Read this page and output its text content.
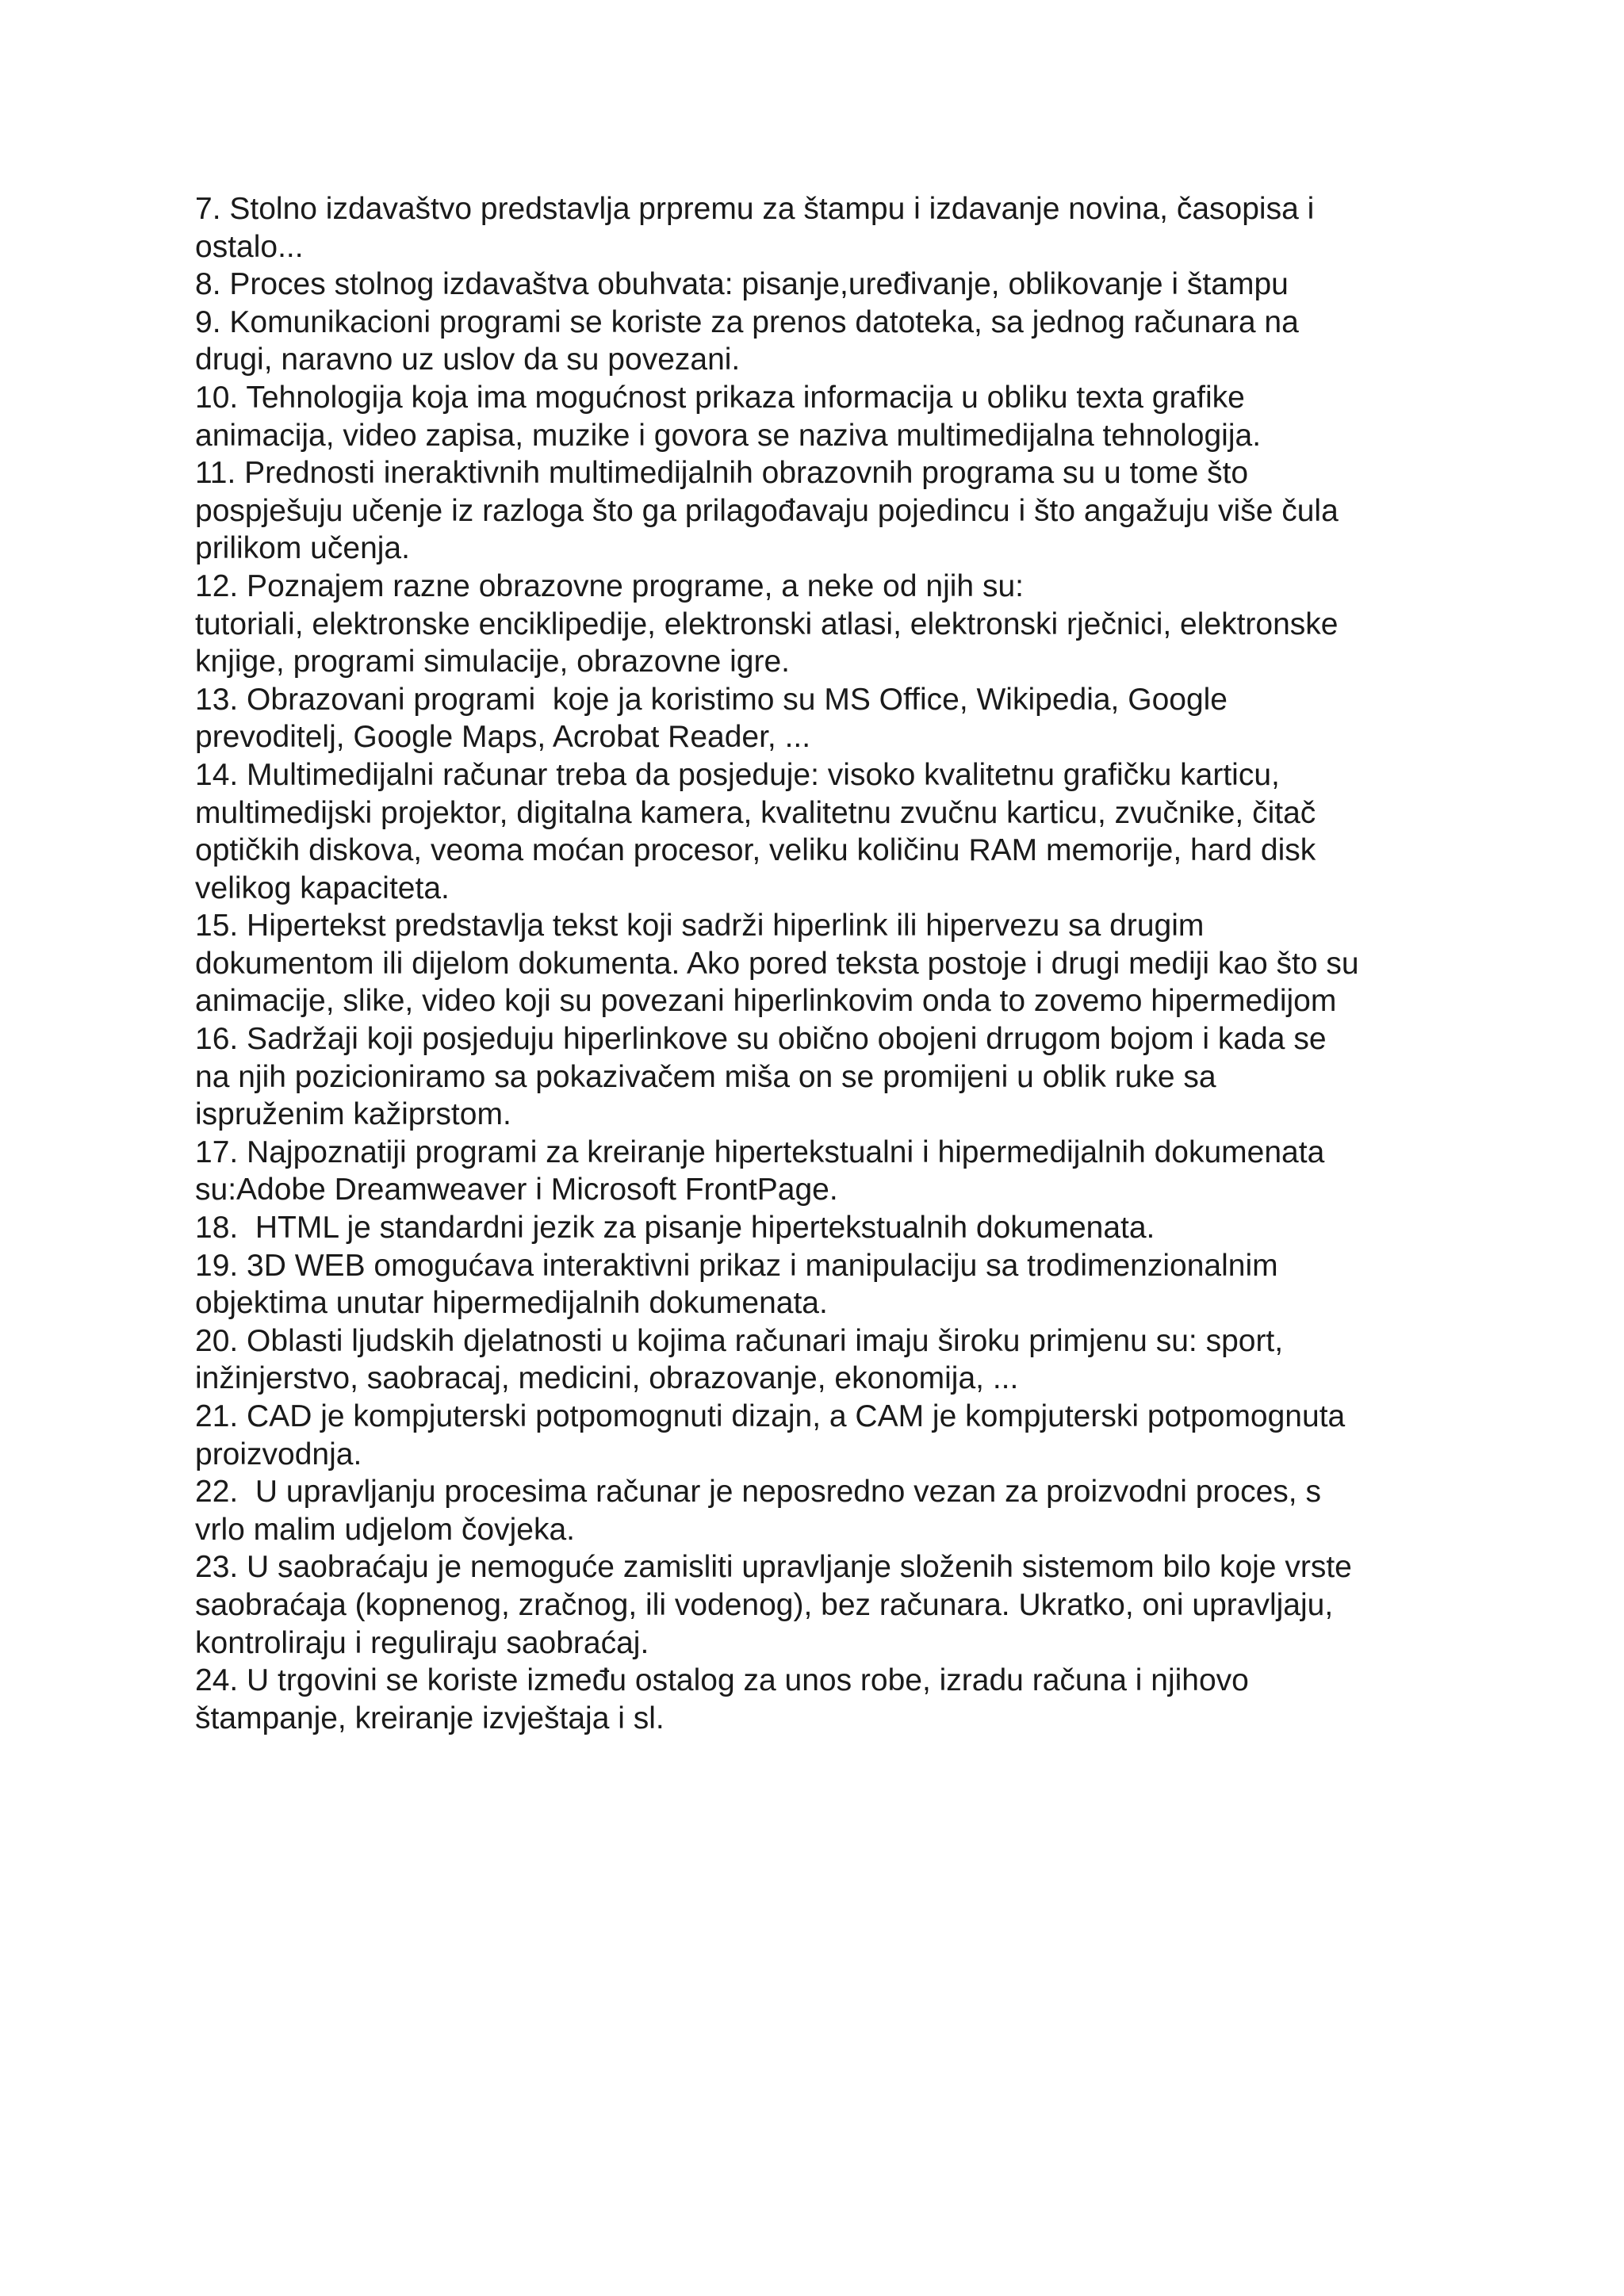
7. Stolno izdavaštvo predstavlja prpremu za štampu i izdavanje novina, časopisa i
ostalo...
8. Proces stolnog izdavaštva obuhvata: pisanje,uređivanje, oblikovanje i štampu
9. Komunikacioni programi se koriste za prenos datoteka, sa jednog računara na
drugi, naravno uz uslov da su povezani.
10. Tehnologija koja ima mogućnost prikaza informacija u obliku texta grafike
animacija, video zapisa, muzike i govora se naziva multimedijalna tehnologija.
11. Prednosti ineraktivnih multimedijalnih obrazovnih programa su u tome što
pospješuju učenje iz razloga što ga prilagođavaju pojedincu i što angažuju više čula
prilikom učenja.
12. Poznajem razne obrazovne programe, a neke od njih su:
tutoriali, elektronske enciklipedije, elektronski atlasi, elektronski rječnici, elektronske
knjige, programi simulacije, obrazovne igre.
13. Obrazovani programi  koje ja koristimo su MS Office, Wikipedia, Google
prevoditelj, Google Maps, Acrobat Reader, ...
14. Multimedijalni računar treba da posjeduje: visoko kvalitetnu grafičku karticu,
multimedijski projektor, digitalna kamera, kvalitetnu zvučnu karticu, zvučnike, čitač
optičkih diskova, veoma moćan procesor, veliku količinu RAM memorije, hard disk
velikog kapaciteta.
15. Hipertekst predstavlja tekst koji sadrži hiperlink ili hipervezu sa drugim
dokumentom ili dijelom dokumenta. Ako pored teksta postoje i drugi mediji kao što su
animacije, slike, video koji su povezani hiperlinkovim onda to zovemo hipermedijom
16. Sadržaji koji posjeduju hiperlinkove su obično obojeni drrugom bojom i kada se
na njih pozicioniramo sa pokazivačem miša on se promijeni u oblik ruke sa
ispruženim kažiprstom.
17. Najpoznatiji programi za kreiranje hipertekstualni i hipermedijalnih dokumenata
su:Adobe Dreamweaver i Microsoft FrontPage.
18.  HTML je standardni jezik za pisanje hipertekstualnih dokumenata.
19. 3D WEB omogućava interaktivni prikaz i manipulaciju sa trodimenzionalnim
objektima unutar hipermedijalnih dokumenata.
20. Oblasti ljudskih djelatnosti u kojima računari imaju široku primjenu su: sport,
inžinjerstvo, saobracaj, medicini, obrazovanje, ekonomija, ...
21. CAD je kompjuterski potpomognuti dizajn, a CAM je kompjuterski potpomognuta
proizvodnja.
22.  U upravljanju procesima računar je neposredno vezan za proizvodni proces, s
vrlo malim udjelom čovjeka.
23. U saobraćaju je nemoguće zamisliti upravljanje složenih sistemom bilo koje vrste
saobraćaja (kopnenog, zračnog, ili vodenog), bez računara. Ukratko, oni upravljaju,
kontroliraju i reguliraju saobraćaj.
24. U trgovini se koriste između ostalog za unos robe, izradu računa i njihovo
štampanje, kreiranje izvještaja i sl.
